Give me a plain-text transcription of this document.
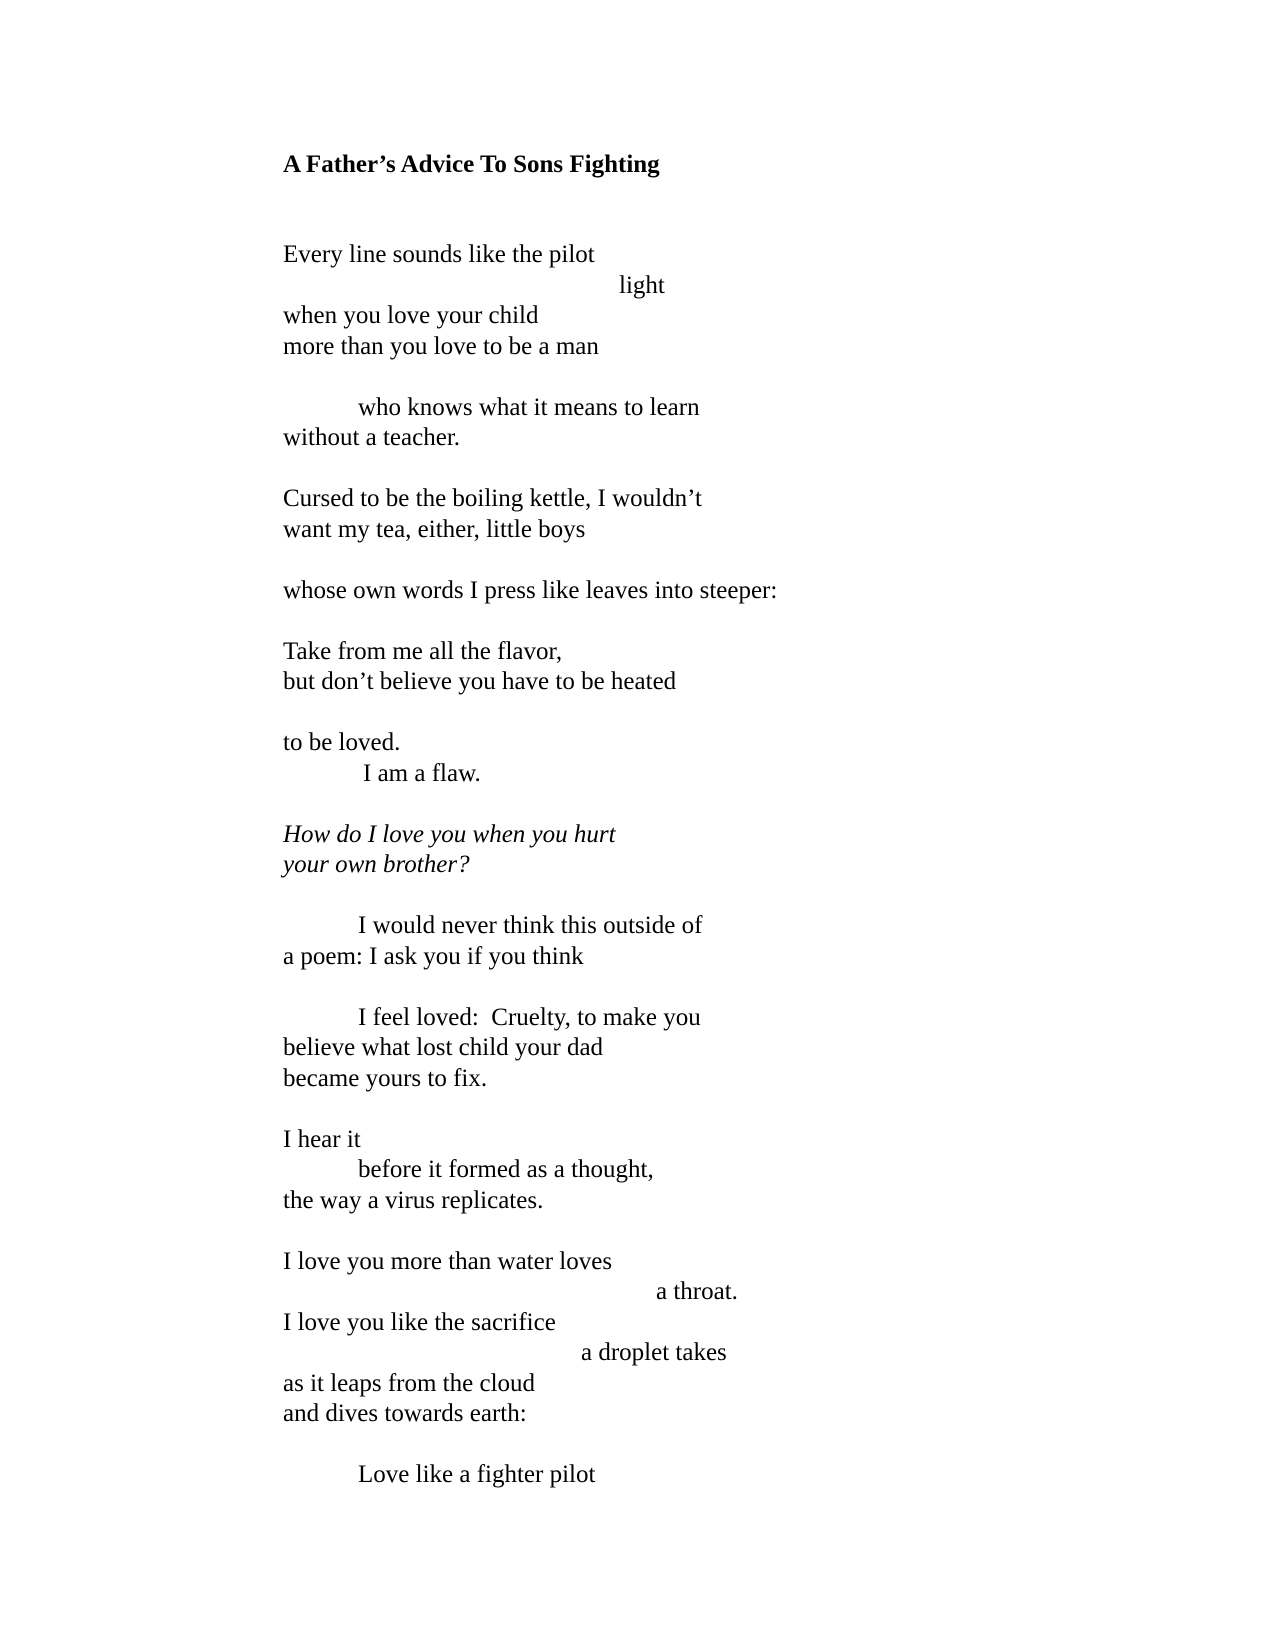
A Father’s Advice To Sons Fighting
Every line sounds like the pilot
light
when you love your child
more than you love to be a man
who knows what it means to learn
without a teacher.
Cursed to be the boiling kettle, I wouldn’t
want my tea, either, little boys
whose own words I press like leaves into steeper:
Take from me all the flavor,
but don’t believe you have to be heated
to be loved.
I am a flaw.
How do I love you when you hurt
your own brother?
I would never think this outside of
a poem: I ask you if you think
I feel loved:  Cruelty, to make you
believe what lost child your dad
became yours to fix.
I hear it
before it formed as a thought,
the way a virus replicates.
I love you more than water loves
a throat.
I love you like the sacrifice
a droplet takes
as it leaps from the cloud
and dives towards earth:
Love like a fighter pilot
